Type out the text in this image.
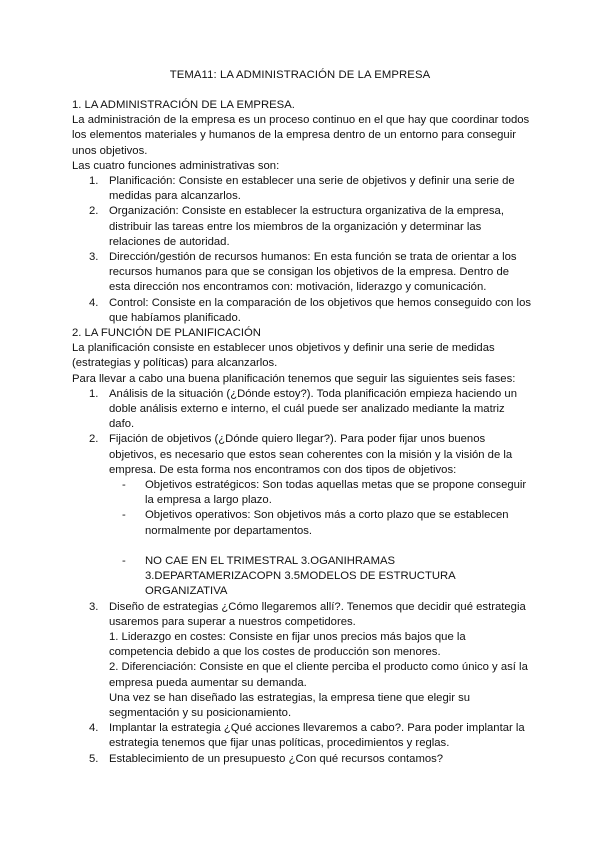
TEMA11: LA ADMINISTRACIÓN DE LA EMPRESA

1. LA ADMINISTRACIÓN DE LA EMPRESA.

La administración de la empresa es un proceso continuo en el que hay que coordinar todos los elementos materiales y humanos de la empresa dentro de un entorno para conseguir unos objetivos.

Las cuatro funciones administrativas son:

1. Planificación: Consiste en establecer una serie de objetivos y definir una serie de medidas para alcanzarlos.
2. Organización: Consiste en establecer la estructura organizativa de la empresa, distribuir las tareas entre los miembros de la organización y determinar las relaciones de autoridad.
3. Dirección/gestión de recursos humanos: En esta función se trata de orientar a los recursos humanos para que se consigan los objetivos de la empresa. Dentro de esta dirección nos encontramos con: motivación, liderazgo y comunicación.
4. Control: Consiste en la comparación de los objetivos que hemos conseguido con los que habíamos planificado.

2. LA FUNCIÓN DE PLANIFICACIÓN

La planificación consiste en establecer unos objetivos y definir una serie de medidas (estrategias y políticas) para alcanzarlos.

Para llevar a cabo una buena planificación tenemos que seguir las siguientes seis fases:

1. Análisis de la situación (¿Dónde estoy?). Toda planificación empieza haciendo un doble análisis externo e interno, el cuál puede ser analizado mediante la matriz dafo.
2. Fijación de objetivos (¿Dónde quiero llegar?). Para poder fijar unos buenos objetivos, es necesario que estos sean coherentes con la misión y la visión de la empresa. De esta forma nos encontramos con dos tipos de objetivos:
- Objetivos estratégicos: Son todas aquellas metas que se propone conseguir la empresa a largo plazo.
- Objetivos operativos: Son objetivos más a corto plazo que se establecen normalmente por departamentos.
- NO CAE EN EL TRIMESTRAL 3.OGANIHRAMAS 3.DEPARTAMERIZACOPN 3.5MODELOS DE ESTRUCTURA ORGANIZATIVA
3. Diseño de estrategias ¿Cómo llegaremos allí?. Tenemos que decidir qué estrategia usaremos para superar a nuestros competidores.

1. Liderazgo en costes: Consiste en fijar unos precios más bajos que la competencia debido a que los costes de producción son menores.

2. Diferenciación: Consiste en que el cliente perciba el producto como único y así la empresa pueda aumentar su demanda.

Una vez se han diseñado las estrategias, la empresa tiene que elegir su segmentación y su posicionamiento.

4. Implantar la estrategia ¿Qué acciones llevaremos a cabo?. Para poder implantar la estrategia tenemos que fijar unas políticas, procedimientos y reglas.
5. Establecimiento de un presupuesto ¿Con qué recursos contamos?
